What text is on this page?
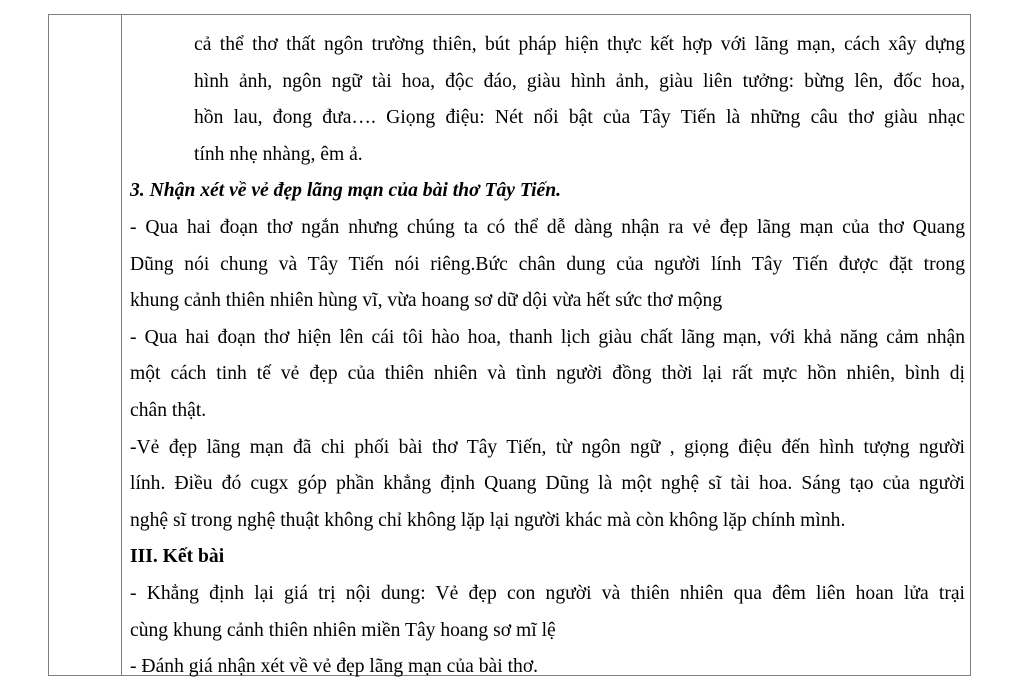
cả thể thơ thất ngôn trường thiên, bút pháp hiện thực kết hợp với lãng mạn, cách xây dựng
hình ảnh, ngôn ngữ tài hoa, độc đáo, giàu hình ảnh, giàu liên tưởng: bừng lên, đốc hoa,
hồn lau, đong đưa…. Giọng điệu: Nét nổi bật của Tây Tiến là những câu thơ giàu nhạc
tính nhẹ nhàng, êm ả.
3. Nhận xét về vẻ đẹp lãng mạn của bài thơ Tây Tiến.
- Qua hai đoạn thơ ngắn nhưng chúng ta có thể dễ dàng nhận ra vẻ đẹp lãng mạn của thơ Quang
Dũng nói chung và Tây Tiến nói riêng.Bức chân dung của người lính Tây Tiến được đặt trong
khung cảnh thiên nhiên hùng vĩ, vừa hoang sơ dữ dội vừa hết sức thơ mộng
- Qua hai đoạn thơ hiện lên cái tôi hào hoa, thanh lịch giàu chất lãng mạn, với khả năng cảm nhận
một cách tinh tế vẻ đẹp của thiên nhiên và tình người đồng thời lại rất mực hồn nhiên, bình dị
chân thật.
-Vẻ đẹp lãng mạn đã chi phối bài thơ Tây Tiến, từ ngôn ngữ , giọng điệu đến hình tượng người
lính. Điều đó cugx góp phần khẳng định Quang Dũng là một nghệ sĩ tài hoa. Sáng tạo của người
nghệ sĩ trong nghệ thuật không chỉ không lặp lại người khác mà còn không lặp chính mình.
III. Kết bài
- Khẳng định lại giá trị nội dung: Vẻ đẹp con người và thiên nhiên qua đêm liên hoan lửa trại
cùng khung cảnh thiên nhiên miền Tây hoang sơ mĩ lệ
- Đánh giá nhận xét về vẻ đẹp lãng mạn của bài thơ.
